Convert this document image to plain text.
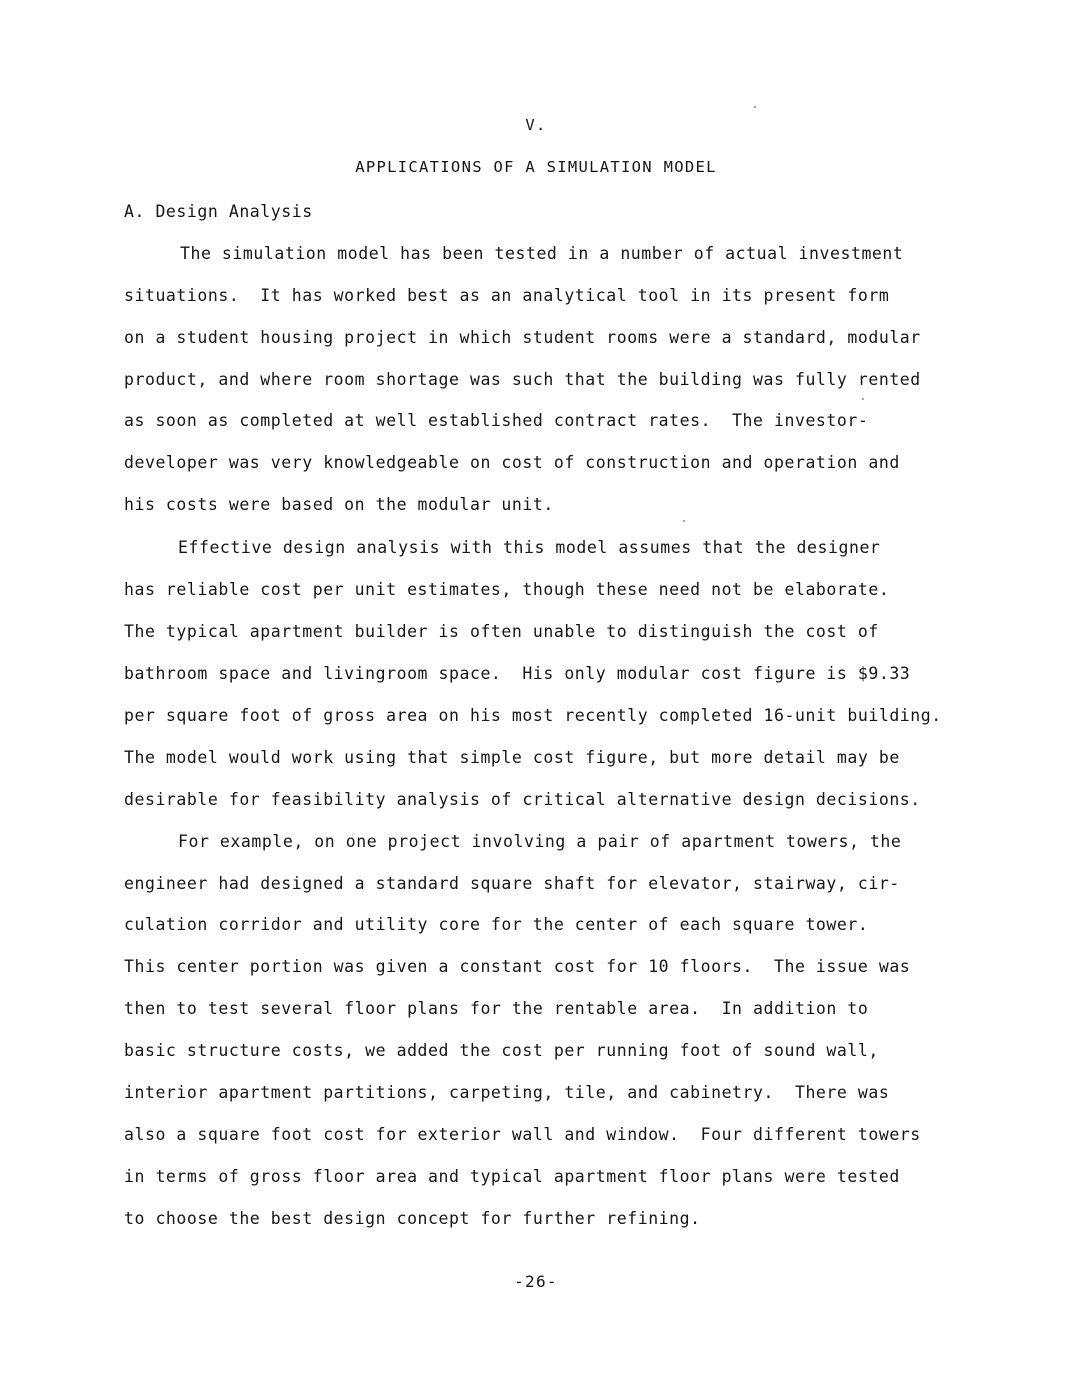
V.
APPLICATIONS OF A SIMULATION MODEL
A. Design Analysis
The simulation model has been tested in a number of actual investment
situations.  It has worked best as an analytical tool in its present form
on a student housing project in which student rooms were a standard, modular
product, and where room shortage was such that the building was fully rented
as soon as completed at well established contract rates.  The investor-
developer was very knowledgeable on cost of construction and operation and
his costs were based on the modular unit.
Effective design analysis with this model assumes that the designer
has reliable cost per unit estimates, though these need not be elaborate.
The typical apartment builder is often unable to distinguish the cost of
bathroom space and livingroom space.  His only modular cost figure is $9.33
per square foot of gross area on his most recently completed 16-unit building.
The model would work using that simple cost figure, but more detail may be
desirable for feasibility analysis of critical alternative design decisions.
For example, on one project involving a pair of apartment towers, the
engineer had designed a standard square shaft for elevator, stairway, cir-
culation corridor and utility core for the center of each square tower.
This center portion was given a constant cost for 10 floors.  The issue was
then to test several floor plans for the rentable area.  In addition to
basic structure costs, we added the cost per running foot of sound wall,
interior apartment partitions, carpeting, tile, and cabinetry.  There was
also a square foot cost for exterior wall and window.  Four different towers
in terms of gross floor area and typical apartment floor plans were tested
to choose the best design concept for further refining.
-26-
